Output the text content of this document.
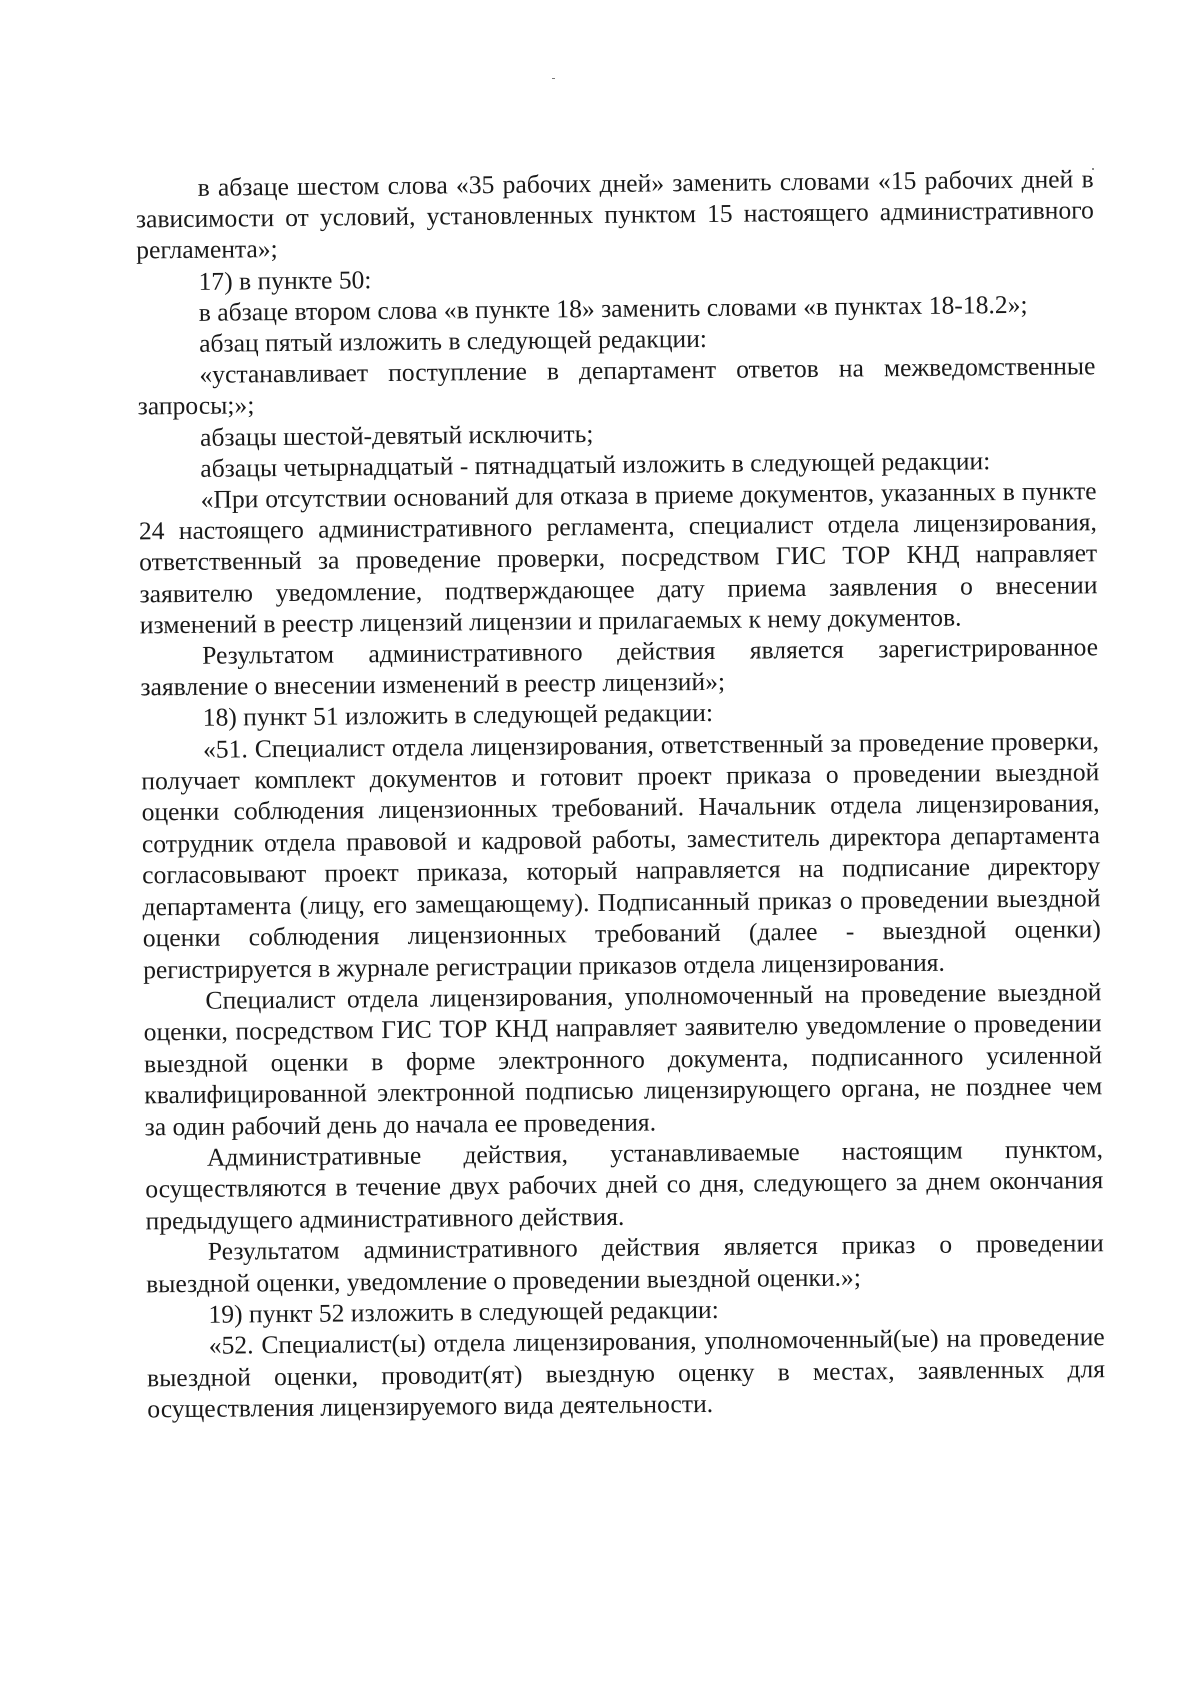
в абзаце шестом слова «35 рабочих дней» заменить словами «15 рабочих дней в зависимости от условий, установленных пунктом 15 настоящего административного регламента»;

17) в пункте 50:

в абзаце втором слова «в пункте 18» заменить словами «в пунктах 18-18.2»;

абзац пятый изложить в следующей редакции:

«устанавливает поступление в департамент ответов на межведомственные запросы;»;

абзацы шестой-девятый исключить;

абзацы четырнадцатый - пятнадцатый изложить в следующей редакции:

«При отсутствии оснований для отказа в приеме документов, указанных в пункте 24 настоящего административного регламента, специалист отдела лицензирования, ответственный за проведение проверки, посредством ГИС ТОР КНД направляет заявителю уведомление, подтверждающее дату приема заявления о внесении изменений в реестр лицензий лицензии и прилагаемых к нему документов.

Результатом административного действия является зарегистрированное заявление о внесении изменений в реестр лицензий»;

18) пункт 51 изложить в следующей редакции:

«51. Специалист отдела лицензирования, ответственный за проведение проверки, получает комплект документов и готовит проект приказа о проведении выездной оценки соблюдения лицензионных требований. Начальник отдела лицензирования, сотрудник отдела правовой и кадровой работы, заместитель директора департамента согласовывают проект приказа, который направляется на подписание директору департамента (лицу, его замещающему). Подписанный приказ о проведении выездной оценки соблюдения лицензионных требований (далее - выездной оценки) регистрируется в журнале регистрации приказов отдела лицензирования.

Специалист отдела лицензирования, уполномоченный на проведение выездной оценки, посредством ГИС ТОР КНД направляет заявителю уведомление о проведении выездной оценки в форме электронного документа, подписанного усиленной квалифицированной электронной подписью лицензирующего органа, не позднее чем за один рабочий день до начала ее проведения.

Административные действия, устанавливаемые настоящим пунктом, осуществляются в течение двух рабочих дней со дня, следующего за днем окончания предыдущего административного действия.

Результатом административного действия является приказ о проведении выездной оценки, уведомление о проведении выездной оценки.»;

19) пункт 52 изложить в следующей редакции:

«52. Специалист(ы) отдела лицензирования, уполномоченный(ые) на проведение выездной оценки, проводит(ят) выездную оценку в местах, заявленных для осуществления лицензируемого вида деятельности.
